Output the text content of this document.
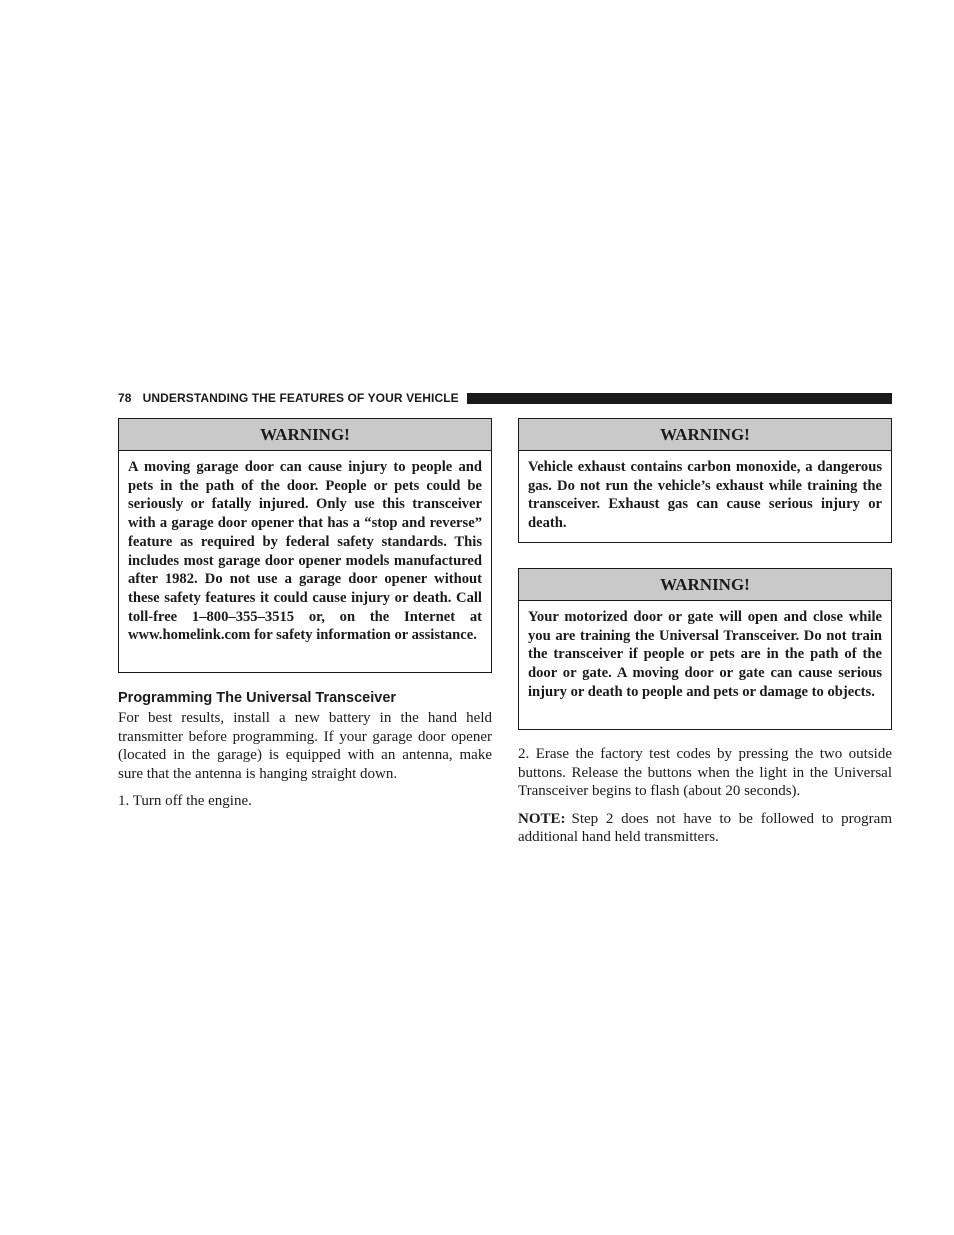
78 UNDERSTANDING THE FEATURES OF YOUR VEHICLE
WARNING!
A moving garage door can cause injury to people and pets in the path of the door. People or pets could be seriously or fatally injured. Only use this transceiver with a garage door opener that has a “stop and reverse” feature as required by federal safety standards. This includes most garage door opener models manufactured after 1982. Do not use a garage door opener without these safety features it could cause injury or death. Call toll-free 1–800–355–3515 or, on the Internet at www.homelink.com for safety information or assistance.
Programming The Universal Transceiver

For best results, install a new battery in the hand held transmitter before programming. If your garage door opener (located in the garage) is equipped with an antenna, make sure that the antenna is hanging straight down.

1. Turn off the engine.

WARNING!
Vehicle exhaust contains carbon monoxide, a dangerous gas. Do not run the vehicle’s exhaust while training the transceiver. Exhaust gas can cause serious injury or death.
WARNING!
Your motorized door or gate will open and close while you are training the Universal Transceiver. Do not train the transceiver if people or pets are in the path of the door or gate. A moving door or gate can cause serious injury or death to people and pets or damage to objects.

2. Erase the factory test codes by pressing the two outside buttons. Release the buttons when the light in the Universal Transceiver begins to flash (about 20 seconds).

NOTE: Step 2 does not have to be followed to program additional hand held transmitters.
